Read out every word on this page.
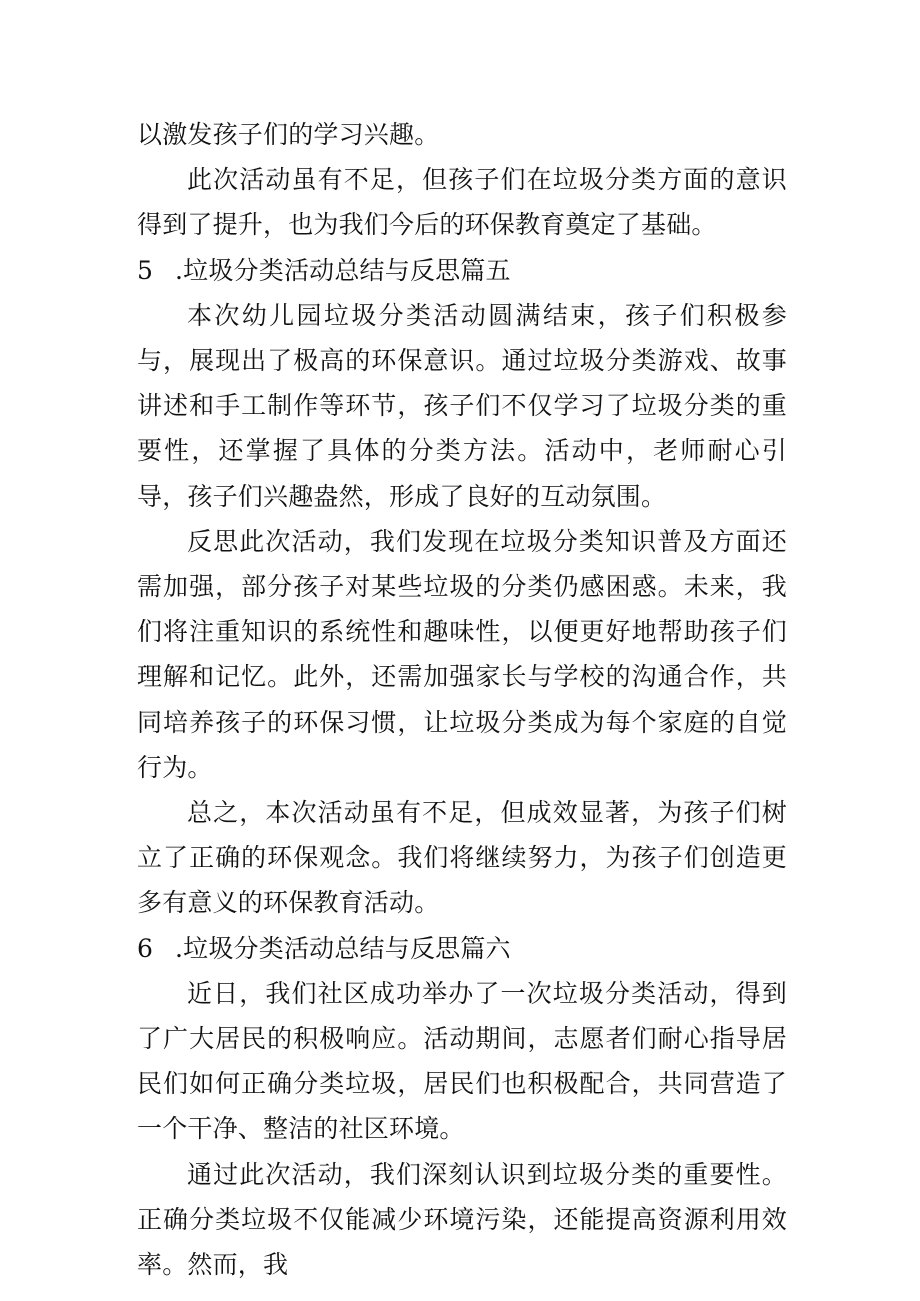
以激发孩子们的学习兴趣。

此次活动虽有不足，但孩子们在垃圾分类方面的意识得到了提升，也为我们今后的环保教育奠定了基础。

5 .垃圾分类活动总结与反思篇五

本次幼儿园垃圾分类活动圆满结束，孩子们积极参与，展现出了极高的环保意识。通过垃圾分类游戏、故事讲述和手工制作等环节，孩子们不仅学习了垃圾分类的重要性，还掌握了具体的分类方法。活动中，老师耐心引导，孩子们兴趣盎然，形成了良好的互动氛围。

反思此次活动，我们发现在垃圾分类知识普及方面还需加强，部分孩子对某些垃圾的分类仍感困惑。未来，我们将注重知识的系统性和趣味性，以便更好地帮助孩子们理解和记忆。此外，还需加强家长与学校的沟通合作，共同培养孩子的环保习惯，让垃圾分类成为每个家庭的自觉行为。

总之，本次活动虽有不足，但成效显著，为孩子们树立了正确的环保观念。我们将继续努力，为孩子们创造更多有意义的环保教育活动。

6 .垃圾分类活动总结与反思篇六

近日，我们社区成功举办了一次垃圾分类活动，得到了广大居民的积极响应。活动期间，志愿者们耐心指导居民们如何正确分类垃圾，居民们也积极配合，共同营造了一个干净、整洁的社区环境。

通过此次活动，我们深刻认识到垃圾分类的重要性。正确分类垃圾不仅能减少环境污染，还能提高资源利用效率。然而，我
